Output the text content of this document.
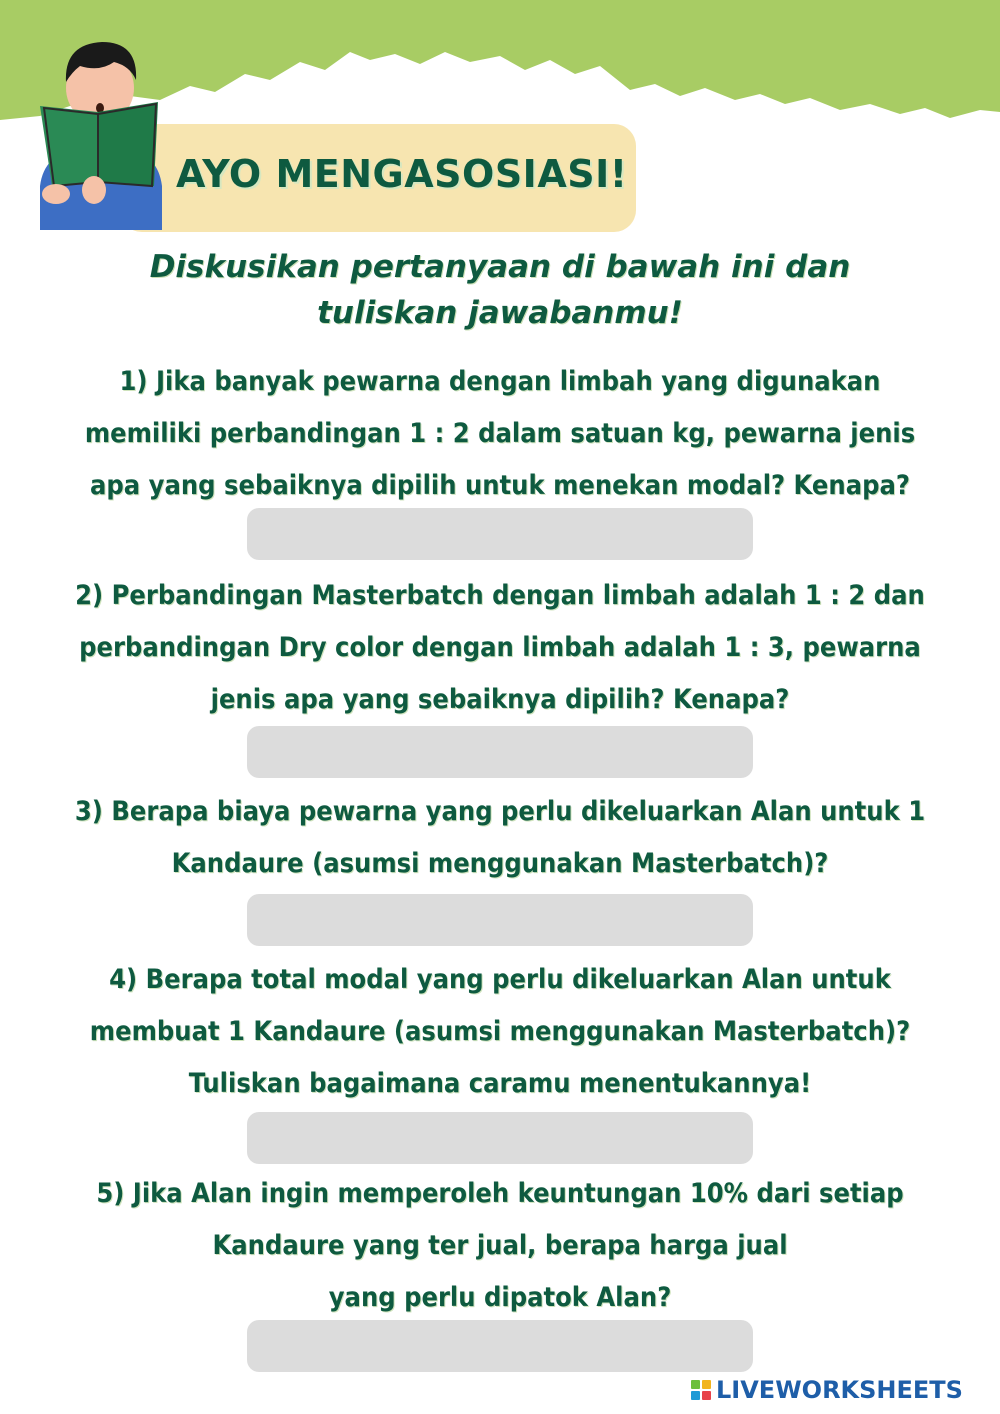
AYO MENGASOSIASI!
Diskusikan pertanyaan di bawah ini dan
tuliskan jawabanmu!
1) Jika banyak pewarna dengan limbah yang digunakan
memiliki perbandingan 1 : 2 dalam satuan kg, pewarna jenis
apa yang sebaiknya dipilih untuk menekan modal? Kenapa?
2) Perbandingan Masterbatch dengan limbah adalah 1 : 2 dan
perbandingan Dry color dengan limbah adalah 1 : 3, pewarna
jenis apa yang sebaiknya dipilih? Kenapa?
3) Berapa biaya pewarna yang perlu dikeluarkan Alan untuk 1
Kandaure (asumsi menggunakan Masterbatch)?
4) Berapa total modal yang perlu dikeluarkan Alan untuk
membuat 1 Kandaure (asumsi menggunakan Masterbatch)?
Tuliskan bagaimana caramu menentukannya!
5) Jika Alan ingin memperoleh keuntungan 10% dari setiap
Kandaure yang ter jual, berapa harga jual
yang perlu dipatok Alan?
LIVEWORKSHEETS
